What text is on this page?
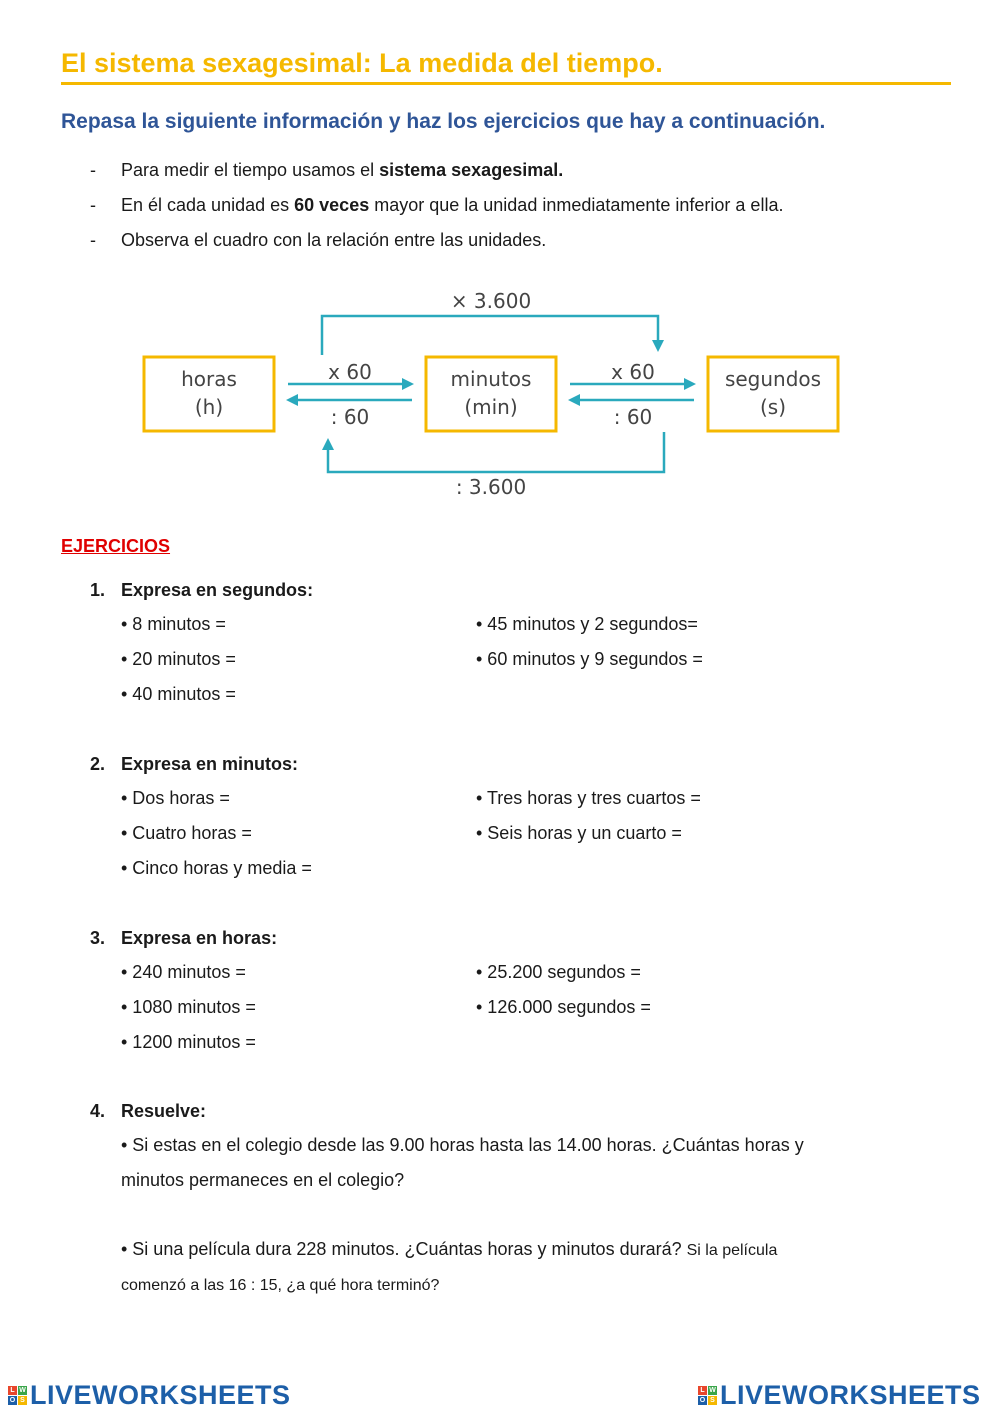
El sistema sexagesimal: La medida del tiempo.
Repasa la siguiente información y haz los ejercicios que hay a continuación.
-	Para medir el tiempo usamos el sistema sexagesimal.
-	En él cada unidad es 60 veces mayor que la unidad inmediatamente inferior a ella.
-	Observa el cuadro con la relación entre las unidades.
horas
(h)
minutos
(min)
segundos
(s)
x 60
: 60
x 60
: 60
× 3.600
: 3.600
EJERCICIOS
1. Expresa en segundos:
• 8 minutos =
• 20 minutos =
• 40 minutos =
• 45 minutos y 2 segundos=
• 60 minutos y 9 segundos =
2. Expresa en minutos:
• Dos horas =
• Cuatro horas =
• Cinco horas y media =
• Tres horas y tres cuartos =
• Seis horas y un cuarto =
3. Expresa en horas:
• 240 minutos =
• 1080 minutos =
• 1200 minutos =
• 25.200 segundos =
• 126.000 segundos =
4. Resuelve:
• Si estas en el colegio desde las 9.00 horas hasta las 14.00 horas. ¿Cuántas horas y
minutos permaneces en el colegio?
• Si una película dura 228 minutos. ¿Cuántas horas y minutos durará? Si la película
comenzó a las 16 : 15, ¿a qué hora terminó?
L W
O S LIVEWORKSHEETS	L W
O S LIVEWORKSHEETS
